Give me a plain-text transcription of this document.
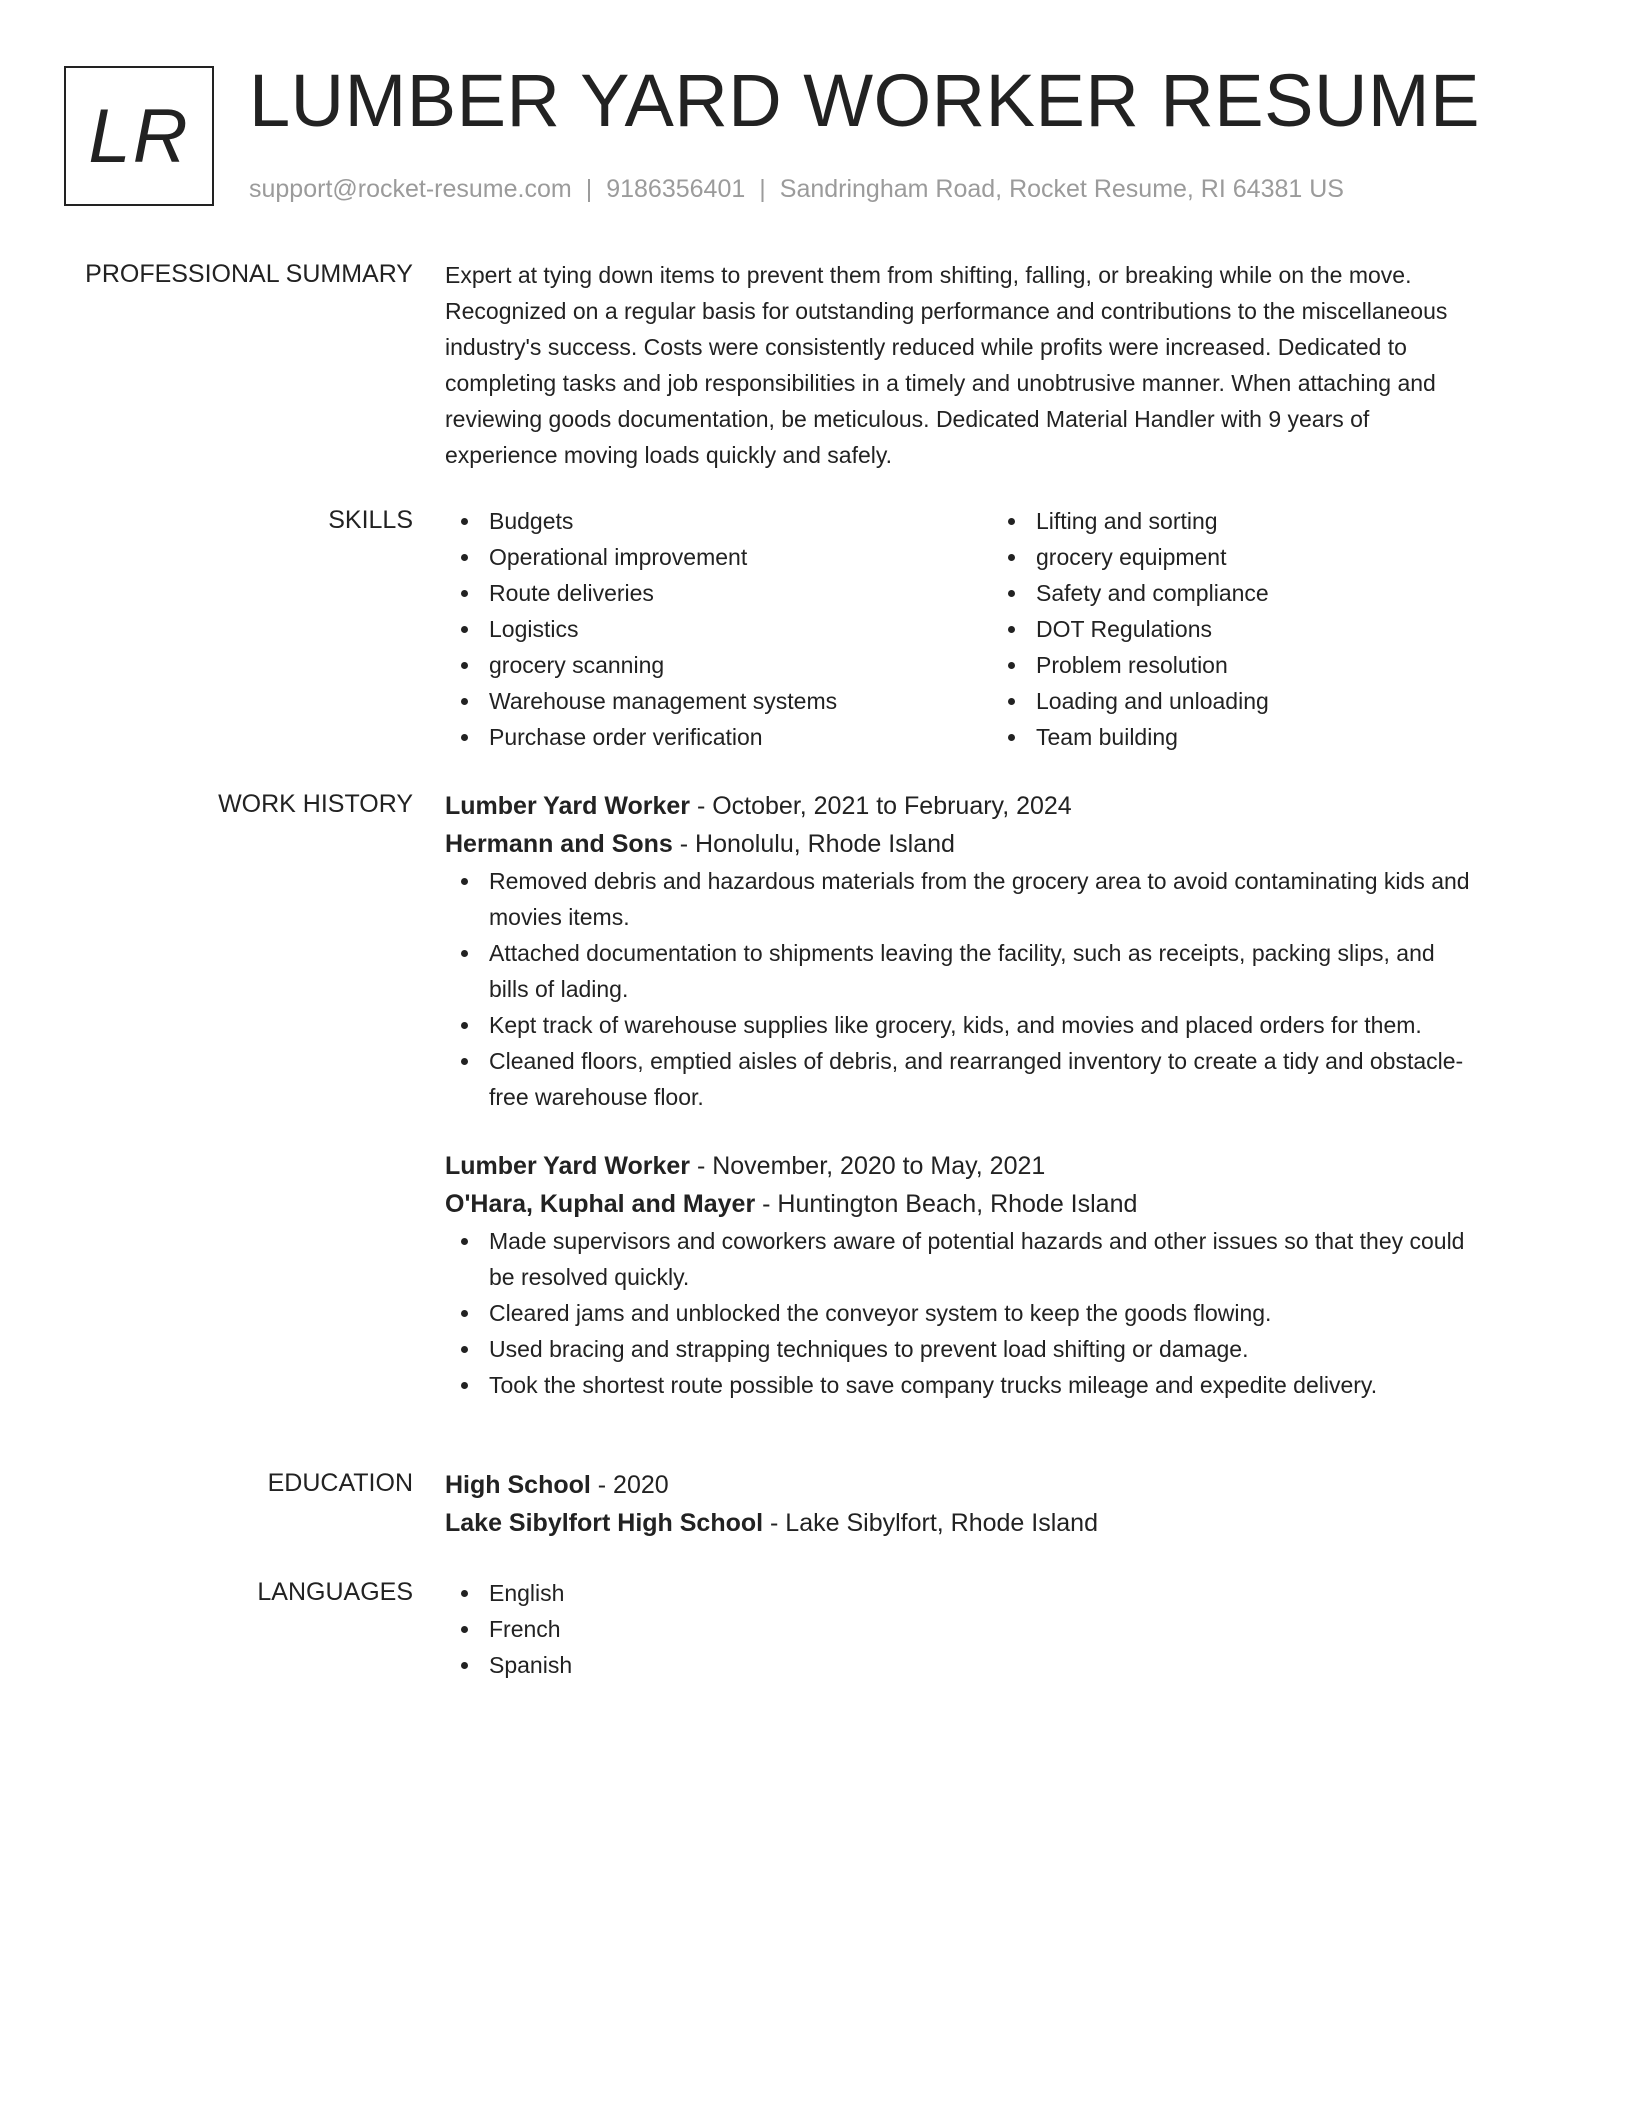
LR LUMBER YARD WORKER RESUME
support@rocket-resume.com | 9186356401 | Sandringham Road, Rocket Resume, RI 64381 US
PROFESSIONAL SUMMARY Expert at tying down items to prevent them from shifting, falling, or breaking while on the move.

Recognized on a regular basis for outstanding performance and contributions to the miscellaneous

industry's success. Costs were consistently reduced while profits were increased. Dedicated to

completing tasks and job responsibilities in a timely and unobtrusive manner. When attaching and

reviewing goods documentation, be meticulous. Dedicated Material Handler with 9 years of

experience moving loads quickly and safely.

SKILLS	Budgets
Operational improvement
Route deliveries
Logistics
grocery scanning
Warehouse management systems
Purchase order verification
Lifting and sorting
grocery equipment
Safety and compliance
DOT Regulations
Problem resolution
Loading and unloading
Team building
WORK HISTORY Lumber Yard Worker - October, 2021 to February, 2024
Hermann and Sons - Honolulu, Rhode Island
Removed debris and hazardous materials from the grocery area to avoid contaminating kids and
movies items.
Attached documentation to shipments leaving the facility, such as receipts, packing slips, and
bills of lading.
Kept track of warehouse supplies like grocery, kids, and movies and placed orders for them.
Cleaned floors, emptied aisles of debris, and rearranged inventory to create a tidy and obstacle-
free warehouse floor.
Lumber Yard Worker - November, 2020 to May, 2021
O'Hara, Kuphal and Mayer - Huntington Beach, Rhode Island
Made supervisors and coworkers aware of potential hazards and other issues so that they could
be resolved quickly.
Cleared jams and unblocked the conveyor system to keep the goods flowing.
Used bracing and strapping techniques to prevent load shifting or damage.
Took the shortest route possible to save company trucks mileage and expedite delivery.
EDUCATION High School - 2020
Lake Sibylfort High School - Lake Sibylfort, Rhode Island
LANGUAGES	English
French
Spanish
